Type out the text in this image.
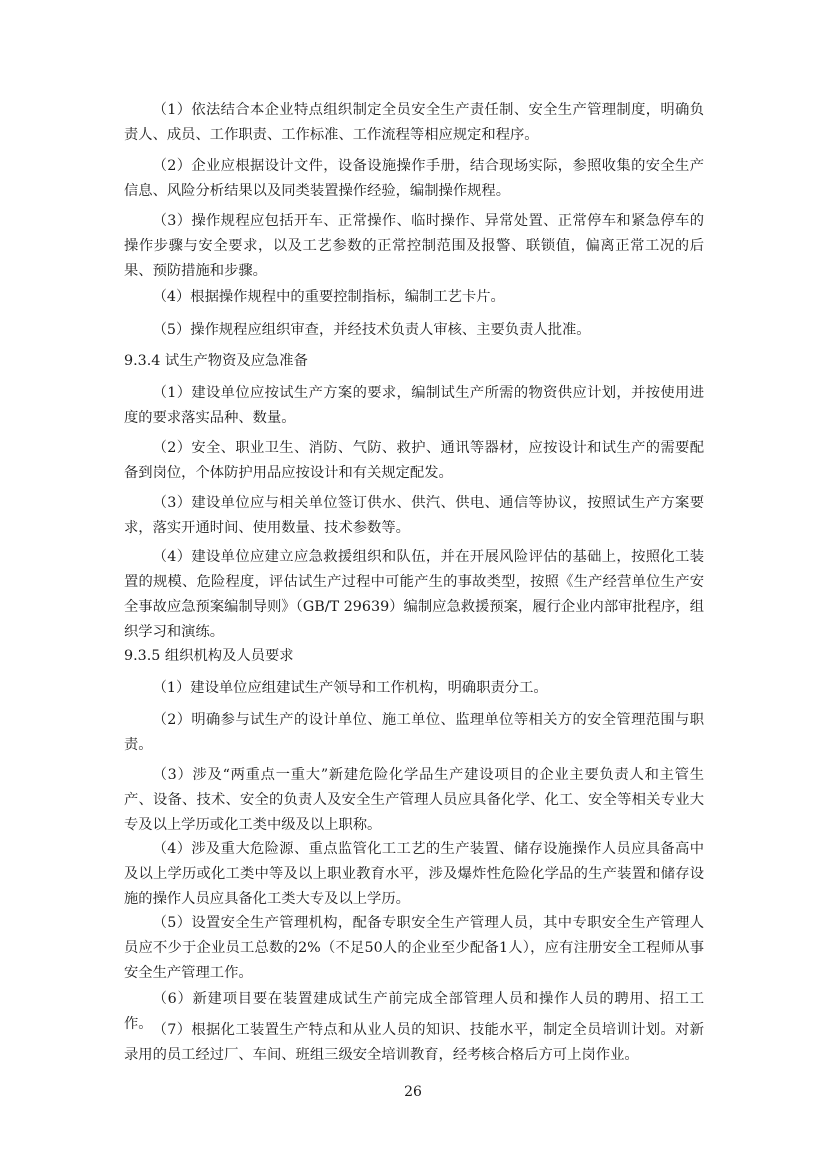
（1）依法结合本企业特点组织制定全员安全生产责任制、安全生产管理制度，明确负责人、成员、工作职责、工作标准、工作流程等相应规定和程序。

（2）企业应根据设计文件，设备设施操作手册，结合现场实际，参照收集的安全生产信息、风险分析结果以及同类装置操作经验，编制操作规程。

（3）操作规程应包括开车、正常操作、临时操作、异常处置、正常停车和紧急停车的操作步骤与安全要求，以及工艺参数的正常控制范围及报警、联锁值，偏离正常工况的后果、预防措施和步骤。

（4）根据操作规程中的重要控制指标，编制工艺卡片。

（5）操作规程应组织审查，并经技术负责人审核、主要负责人批准。

9.3.4 试生产物资及应急准备

（1）建设单位应按试生产方案的要求，编制试生产所需的物资供应计划，并按使用进度的要求落实品种、数量。

（2）安全、职业卫生、消防、气防、救护、通讯等器材，应按设计和试生产的需要配备到岗位，个体防护用品应按设计和有关规定配发。

（3）建设单位应与相关单位签订供水、供汽、供电、通信等协议，按照试生产方案要求，落实开通时间、使用数量、技术参数等。

（4）建设单位应建立应急救援组织和队伍，并在开展风险评估的基础上，按照化工装置的规模、危险程度，评估试生产过程中可能产生的事故类型，按照《生产经营单位生产安全事故应急预案编制导则》（GB/T 29639）编制应急救援预案，履行企业内部审批程序，组织学习和演练。

9.3.5 组织机构及人员要求

（1）建设单位应组建试生产领导和工作机构，明确职责分工。

（2）明确参与试生产的设计单位、施工单位、监理单位等相关方的安全管理范围与职责。

（3）涉及“两重点一重大”新建危险化学品生产建设项目的企业主要负责人和主管生产、设备、技术、安全的负责人及安全生产管理人员应具备化学、化工、安全等相关专业大专及以上学历或化工类中级及以上职称。

（4）涉及重大危险源、重点监管化工工艺的生产装置、储存设施操作人员应具备高中及以上学历或化工类中等及以上职业教育水平，涉及爆炸性危险化学品的生产装置和储存设施的操作人员应具备化工类大专及以上学历。

（5）设置安全生产管理机构，配备专职安全生产管理人员，其中专职安全生产管理人员应不少于企业员工总数的2%（不足50人的企业至少配备1人），应有注册安全工程师从事安全生产管理工作。

（6）新建项目要在装置建成试生产前完成全部管理人员和操作人员的聘用、招工工作。 （7）根据化工装置生产特点和从业人员的知识、技能水平，制定全员培训计划。对新录用的员工经过厂、车间、班组三级安全培训教育，经考核合格后方可上岗作业。

26
